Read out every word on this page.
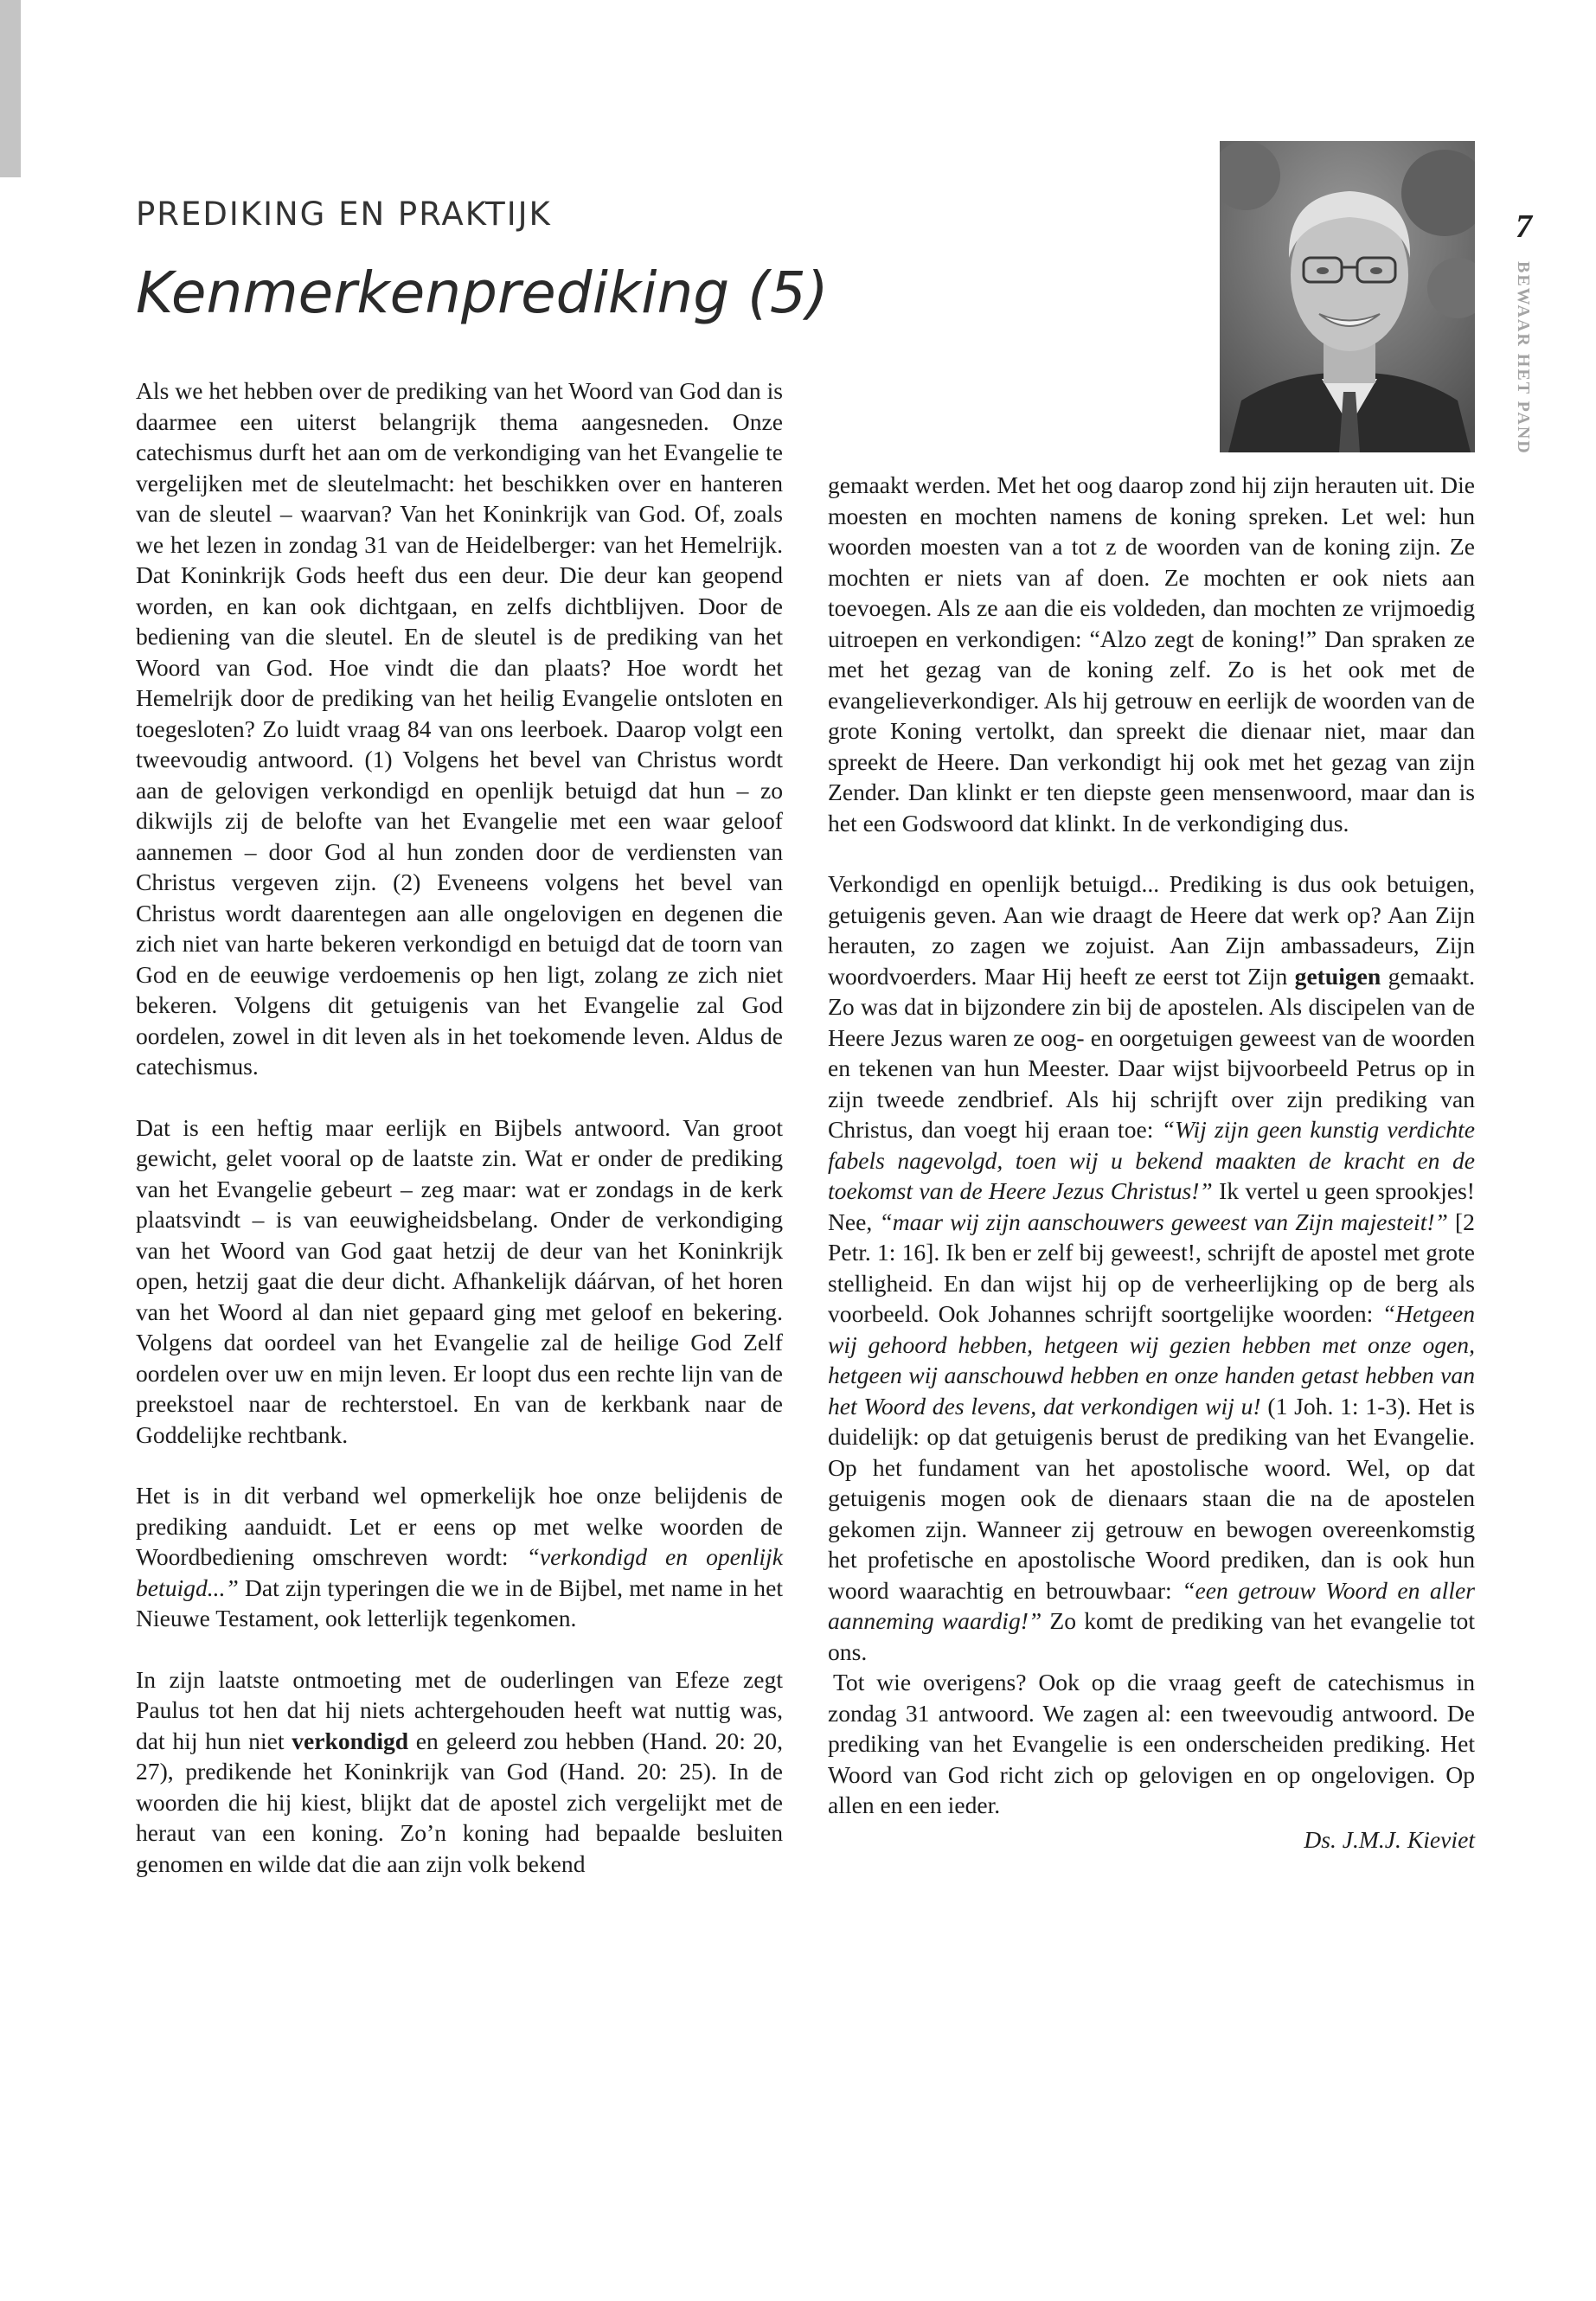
PREDIKING EN PRAKTIJK
Kenmerkenprediking (5)
7
BEWAAR HET PAND

Als we het hebben over de prediking van het Woord van God dan is daarmee een uiterst belangrijk thema aangesneden. Onze catechismus durft het aan om de verkondiging van het Evangelie te vergelijken met de sleutelmacht: het beschikken over en hanteren van de sleutel – waarvan? Van het Koninkrijk van God. Of, zoals we het lezen in zondag 31 van de Heidelberger: van het Hemelrijk. Dat Koninkrijk Gods heeft dus een deur. Die deur kan geopend worden, en kan ook dichtgaan, en zelfs dichtblijven. Door de bediening van die sleutel. En de sleutel is de prediking van het Woord van God. Hoe vindt die dan plaats? Hoe wordt het Hemelrijk door de prediking van het heilig Evangelie ontsloten en toegesloten? Zo luidt vraag 84 van ons leerboek. Daarop volgt een tweevoudig antwoord. (1) Volgens het bevel van Christus wordt aan de gelovigen verkondigd en openlijk betuigd dat hun – zo dikwijls zij de belofte van het Evangelie met een waar geloof aannemen – door God al hun zonden door de verdiensten van Christus vergeven zijn. (2) Eveneens volgens het bevel van Christus wordt daarentegen aan alle ongelovigen en degenen die zich niet van harte bekeren verkondigd en betuigd dat de toorn van God en de eeuwige verdoemenis op hen ligt, zolang ze zich niet bekeren. Volgens dit getuigenis van het Evangelie zal God oordelen, zowel in dit leven als in het toekomende leven. Aldus de catechismus.

Dat is een heftig maar eerlijk en Bijbels antwoord. Van groot gewicht, gelet vooral op de laatste zin. Wat er onder de prediking van het Evangelie gebeurt – zeg maar: wat er zondags in de kerk plaatsvindt – is van eeuwigheidsbelang. Onder de verkondiging van het Woord van God gaat hetzij de deur van het Koninkrijk open, hetzij gaat die deur dicht. Afhankelijk dáárvan, of het horen van het Woord al dan niet gepaard ging met geloof en bekering. Volgens dat oordeel van het Evangelie zal de heilige God Zelf oordelen over uw en mijn leven. Er loopt dus een rechte lijn van de preekstoel naar de rechterstoel. En van de kerkbank naar de Goddelijke rechtbank.

Het is in dit verband wel opmerkelijk hoe onze belijdenis de prediking aanduidt. Let er eens op met welke woorden de Woordbediening omschreven wordt: “verkondigd en openlijk betuigd...” Dat zijn typeringen die we in de Bijbel, met name in het Nieuwe Testament, ook letterlijk tegenkomen.

In zijn laatste ontmoeting met de ouderlingen van Efeze zegt Paulus tot hen dat hij niets achtergehouden heeft wat nuttig was, dat hij hun niet verkondigd en geleerd zou hebben (Hand. 20: 20, 27), predikende het Koninkrijk van God (Hand. 20: 25). In de woorden die hij kiest, blijkt dat de apostel zich vergelijkt met de heraut van een koning. Zo’n koning had bepaalde besluiten genomen en wilde dat die aan zijn volk bekend

gemaakt werden. Met het oog daarop zond hij zijn herauten uit. Die moesten en mochten namens de koning spreken. Let wel: hun woorden moesten van a tot z de woorden van de koning zijn. Ze mochten er niets van af doen. Ze mochten er ook niets aan toevoegen. Als ze aan die eis voldeden, dan mochten ze vrijmoedig uitroepen en verkondigen: “Alzo zegt de koning!” Dan spraken ze met het gezag van de koning zelf. Zo is het ook met de evangelieverkondiger. Als hij getrouw en eerlijk de woorden van de grote Koning vertolkt, dan spreekt die dienaar niet, maar dan spreekt de Heere. Dan verkondigt hij ook met het gezag van zijn Zender. Dan klinkt er ten diepste geen mensenwoord, maar dan is het een Godswoord dat klinkt. In de verkondiging dus.

Verkondigd en openlijk betuigd... Prediking is dus ook betuigen, getuigenis geven. Aan wie draagt de Heere dat werk op? Aan Zijn herauten, zo zagen we zojuist. Aan Zijn ambassadeurs, Zijn woordvoerders. Maar Hij heeft ze eerst tot Zijn getuigen gemaakt. Zo was dat in bijzondere zin bij de apostelen. Als discipelen van de Heere Jezus waren ze oog- en oorgetuigen geweest van de woorden en tekenen van hun Meester. Daar wijst bijvoorbeeld Petrus op in zijn tweede zendbrief. Als hij schrijft over zijn prediking van Christus, dan voegt hij eraan toe: “Wij zijn geen kunstig verdichte fabels nagevolgd, toen wij u bekend maakten de kracht en de toekomst van de Heere Jezus Christus!” Ik vertel u geen sprookjes! Nee, “maar wij zijn aanschouwers geweest van Zijn majesteit!” [2 Petr. 1: 16]. Ik ben er zelf bij geweest!, schrijft de apostel met grote stelligheid. En dan wijst hij op de verheerlijking op de berg als voorbeeld. Ook Johannes schrijft soortgelijke woorden: “Hetgeen wij gehoord hebben, hetgeen wij gezien hebben met onze ogen, hetgeen wij aanschouwd hebben en onze handen getast hebben van het Woord des levens, dat verkondigen wij u! (1 Joh. 1: 1-3). Het is duidelijk: op dat getuigenis berust de prediking van het Evangelie. Op het fundament van het apostolische woord. Wel, op dat getuigenis mogen ook de dienaars staan die na de apostelen gekomen zijn. Wanneer zij getrouw en bewogen overeenkomstig het profetische en apostolische Woord prediken, dan is ook hun woord waarachtig en betrouwbaar: “een getrouw Woord en aller aanneming waardig!” Zo komt de prediking van het evangelie tot ons.

Tot wie overigens? Ook op die vraag geeft de catechismus in zondag 31 antwoord. We zagen al: een tweevoudig antwoord. De prediking van het Evangelie is een onderscheiden prediking. Het Woord van God richt zich op gelovigen en op ongelovigen. Op allen en een ieder.

Ds. J.M.J. Kieviet
